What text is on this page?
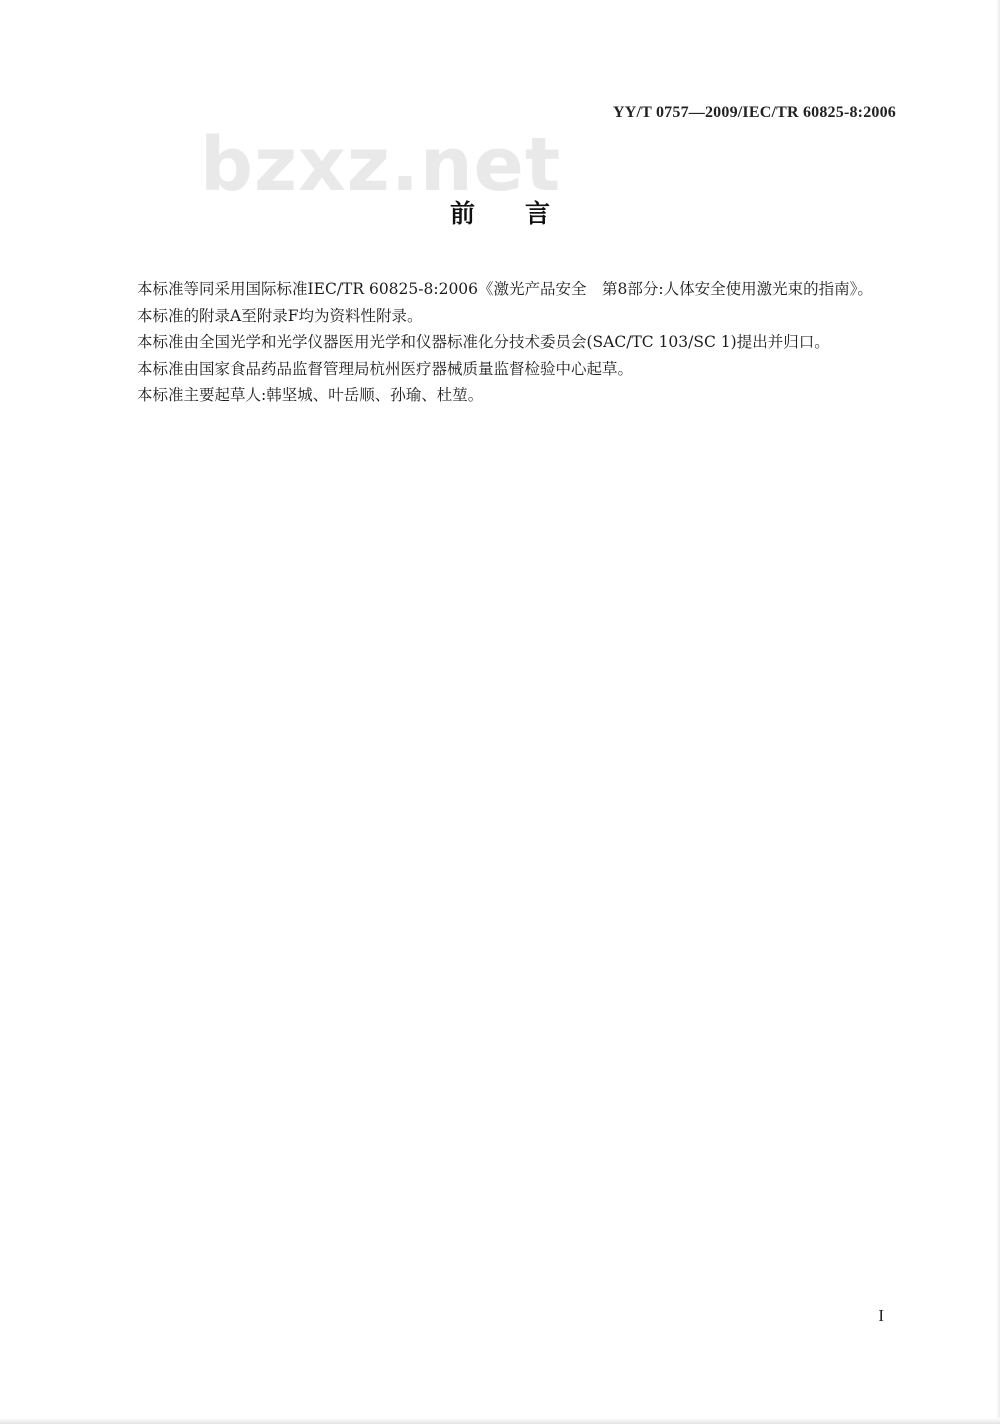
YY/T 0757—2009/IEC/TR 60825-8:2006
bzxz.net
前言

本标准等同采用国际标准IEC/TR 60825-8:2006《激光产品安全　第8部分:人体安全使用激光束的指南》。

本标准的附录A至附录F均为资料性附录。

本标准由全国光学和光学仪器医用光学和仪器标准化分技术委员会(SAC/TC 103/SC 1)提出并归口。

本标准由国家食品药品监督管理局杭州医疗器械质量监督检验中心起草。

本标准主要起草人:韩坚城、叶岳顺、孙瑜、杜堃。

I
